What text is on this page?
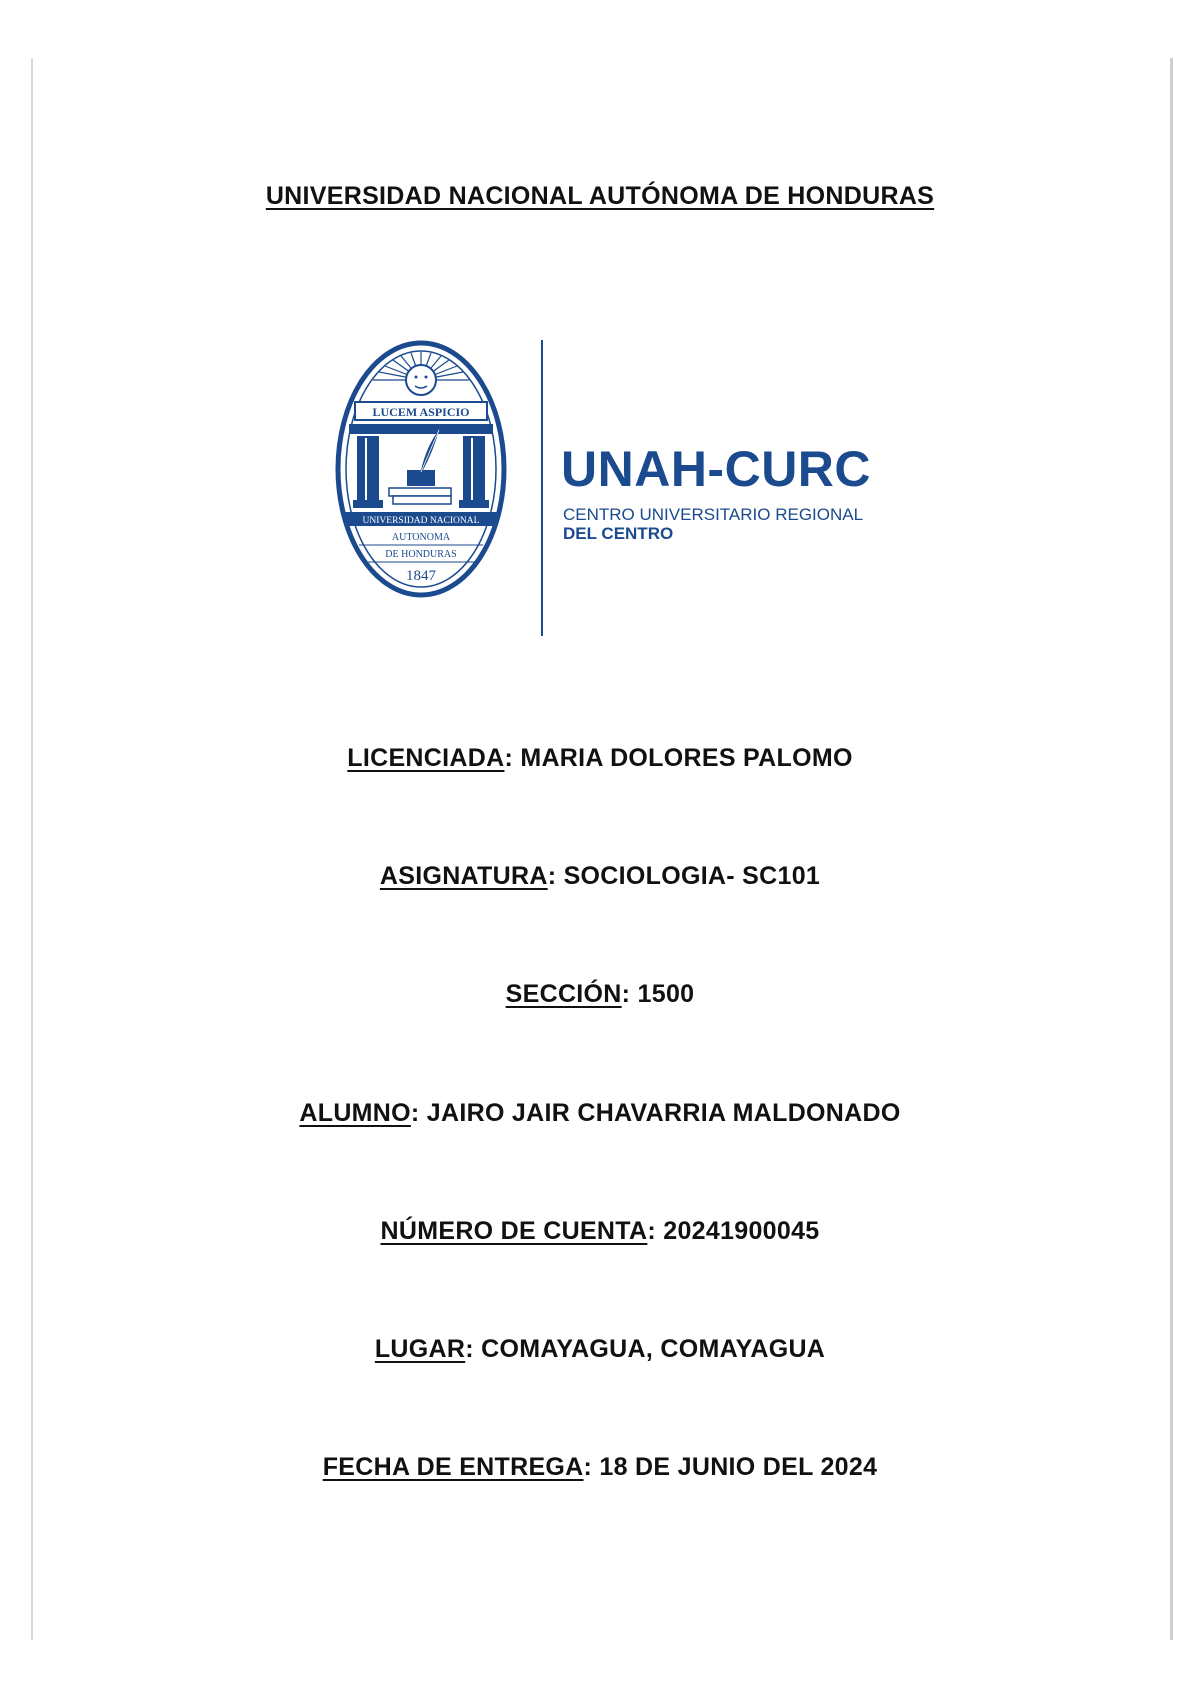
UNIVERSIDAD NACIONAL AUTÓNOMA DE HONDURAS
LUCEM ASPICIO
UNIVERSIDAD NACIONAL
AUTONOMA
DE HONDURAS
1847
UNAH-CURC
CENTRO UNIVERSITARIO REGIONAL
DEL CENTRO
LICENCIADA: MARIA DOLORES PALOMO
ASIGNATURA: SOCIOLOGIA- SC101
SECCIÓN: 1500
ALUMNO: JAIRO JAIR CHAVARRIA MALDONADO
NÚMERO DE CUENTA: 20241900045
LUGAR: COMAYAGUA, COMAYAGUA
FECHA DE ENTREGA: 18 DE JUNIO DEL 2024
